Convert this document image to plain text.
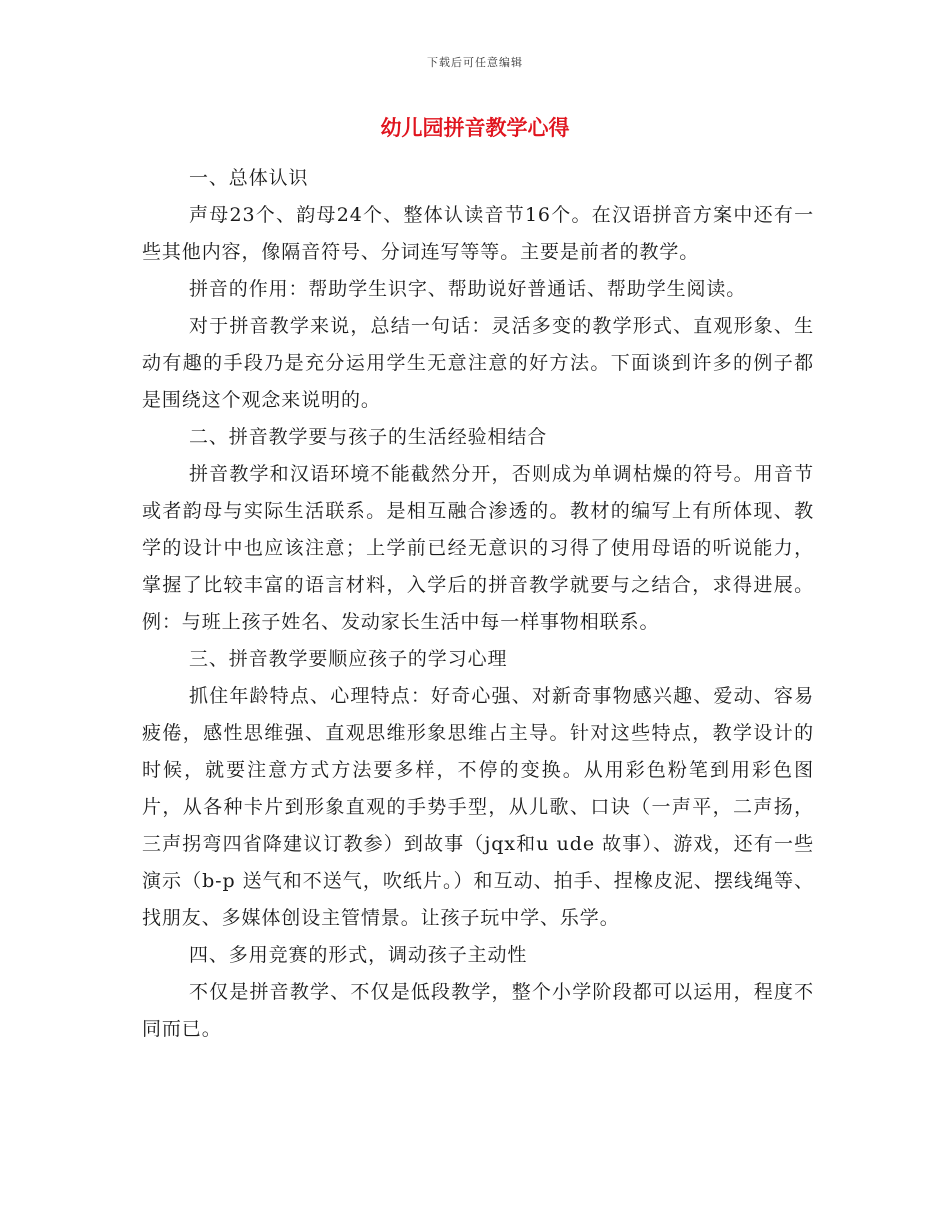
下载后可任意编辑
幼儿园拼音教学心得

一、总体认识

声母23个、韵母24个、整体认读音节16个。在汉语拼音方案中还有一些其他内容，像隔音符号、分词连写等等。主要是前者的教学。

拼音的作用：帮助学生识字、帮助说好普通话、帮助学生阅读。

对于拼音教学来说，总结一句话：灵活多变的教学形式、直观形象、生动有趣的手段乃是充分运用学生无意注意的好方法。下面谈到许多的例子都是围绕这个观念来说明的。

二、拼音教学要与孩子的生活经验相结合

拼音教学和汉语环境不能截然分开，否则成为单调枯燥的符号。用音节或者韵母与实际生活联系。是相互融合渗透的。教材的编写上有所体现、教学的设计中也应该注意；上学前已经无意识的习得了使用母语的听说能力，掌握了比较丰富的语言材料，入学后的拼音教学就要与之结合，求得进展。例：与班上孩子姓名、发动家长生活中每一样事物相联系。

三、拼音教学要顺应孩子的学习心理

抓住年龄特点、心理特点：好奇心强、对新奇事物感兴趣、爱动、容易疲倦，感性思维强、直观思维形象思维占主导。针对这些特点，教学设计的时候，就要注意方式方法要多样，不停的变换。从用彩色粉笔到用彩色图片，从各种卡片到形象直观的手势手型，从儿歌、口诀（一声平，二声扬，三声拐弯四省降建议订教参）到故事（jqx和u ude 故事）、游戏，还有一些演示（b-p 送气和不送气，吹纸片。）和互动、拍手、捏橡皮泥、摆线绳等、找朋友、多媒体创设主管情景。让孩子玩中学、乐学。

四、多用竞赛的形式，调动孩子主动性

不仅是拼音教学、不仅是低段教学，整个小学阶段都可以运用，程度不同而已。
